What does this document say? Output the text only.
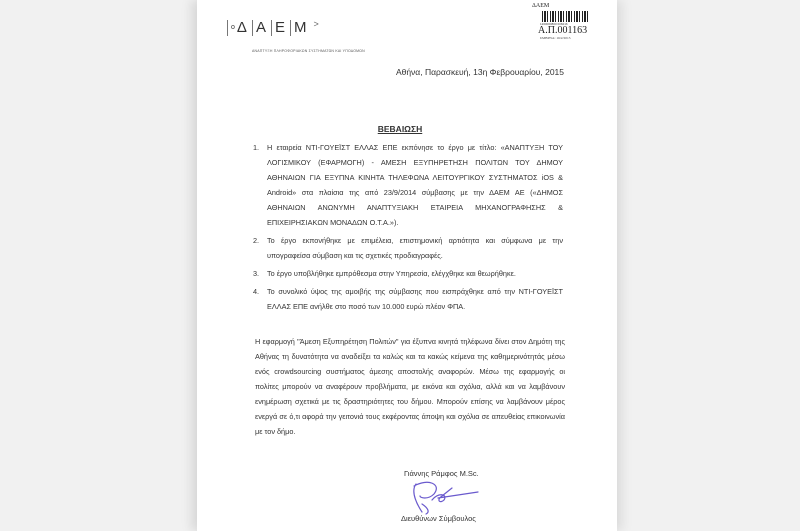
$^o$Δ Α Ε Μ >
ΑΝΑΠΤΥΞΗ ΠΛΗΡΟΦΟΡΙΑΚΩΝ ΣΥΣΤΗΜΑΤΩΝ ΚΑΙ ΥΠΟΔΟΜΩΝ
ΔΑΕΜ
1200000800 008416
Α.Π.001163
ΣΜΒΡΝΑ: 16/2/2015
Αθήνα, Παρασκευή, 13η Φεβρουαρίου, 2015
ΒΕΒΑΙΩΣΗ
1. Η εταιρεία ΝΤΙ-ΓΟΥΕΪΣΤ ΕΛΛΑΣ ΕΠΕ εκπόνησε το έργο με τίτλο: «ΑΝΑΠΤΥΞΗ ΤΟΥ ΛΟΓΙΣΜΙΚΟΥ (ΕΦΑΡΜΟΓΗ) - ΑΜΕΣΗ ΕΞΥΠΗΡΕΤΗΣΗ ΠΟΛΙΤΩΝ ΤΟΥ ΔΗΜΟΥ ΑΘΗΝΑΙΩΝ ΓΙΑ ΕΞΥΠΝΑ ΚΙΝΗΤΑ ΤΗΛΕΦΩΝΑ ΛΕΙΤΟΥΡΓΙΚΟΥ ΣΥΣΤΗΜΑΤΟΣ iOS & Android» στα πλαίσια της από 23/9/2014 σύμβασης με την ΔΑΕΜ ΑΕ («ΔΗΜΟΣ ΑΘΗΝΑΙΩΝ ΑΝΩΝΥΜΗ ΑΝΑΠΤΥΞΙΑΚΗ ΕΤΑΙΡΕΙΑ ΜΗΧΑΝΟΓΡΑΦΗΣΗΣ & ΕΠΙΧΕΙΡΗΣΙΑΚΩΝ ΜΟΝΑΔΩΝ Ο.Τ.Α.»).
2. Το έργο εκπονήθηκε με επιμέλεια, επιστημονική αρτιότητα και σύμφωνα με την υπογραφείσα σύμβαση και τις σχετικές προδιαγραφές.
3. Το έργο υποβλήθηκε εμπρόθεσμα στην Υπηρεσία, ελέγχθηκε και θεωρήθηκε.
4. Το συνολικό ύψος της αμοιβής της σύμβασης που εισπράχθηκε από την ΝΤΙ-ΓΟΥΕΪΣΤ ΕΛΛΑΣ ΕΠΕ ανήλθε στο ποσό των 10.000 ευρώ πλέον ΦΠΑ.
Η εφαρμογή "Άμεση Εξυπηρέτηση Πολιτών" για έξυπνα κινητά τηλέφωνα δίνει στον Δημότη της Αθήνας τη δυνατότητα να αναδείξει τα καλώς και τα κακώς κείμενα της καθημερινότητάς μέσω ενός crowdsourcing συστήματος άμεσης αποστολής αναφορών. Μέσω της εφαρμογής οι πολίτες μπορούν να αναφέρουν προβλήματα, με εικόνα και σχόλια, αλλά και να λαμβάνουν ενημέρωση σχετικά με τις δραστηριότητες του δήμου. Μπορούν επίσης να λαμβάνουν μέρος ενεργά σε ό,τι αφορά την γειτονιά τους εκφέροντας άποψη και σχόλια σε απευθείας επικοινωνία με τον δήμο.
Γιάννης Ράμφος M.Sc.
Διευθύνων Σύμβουλος
